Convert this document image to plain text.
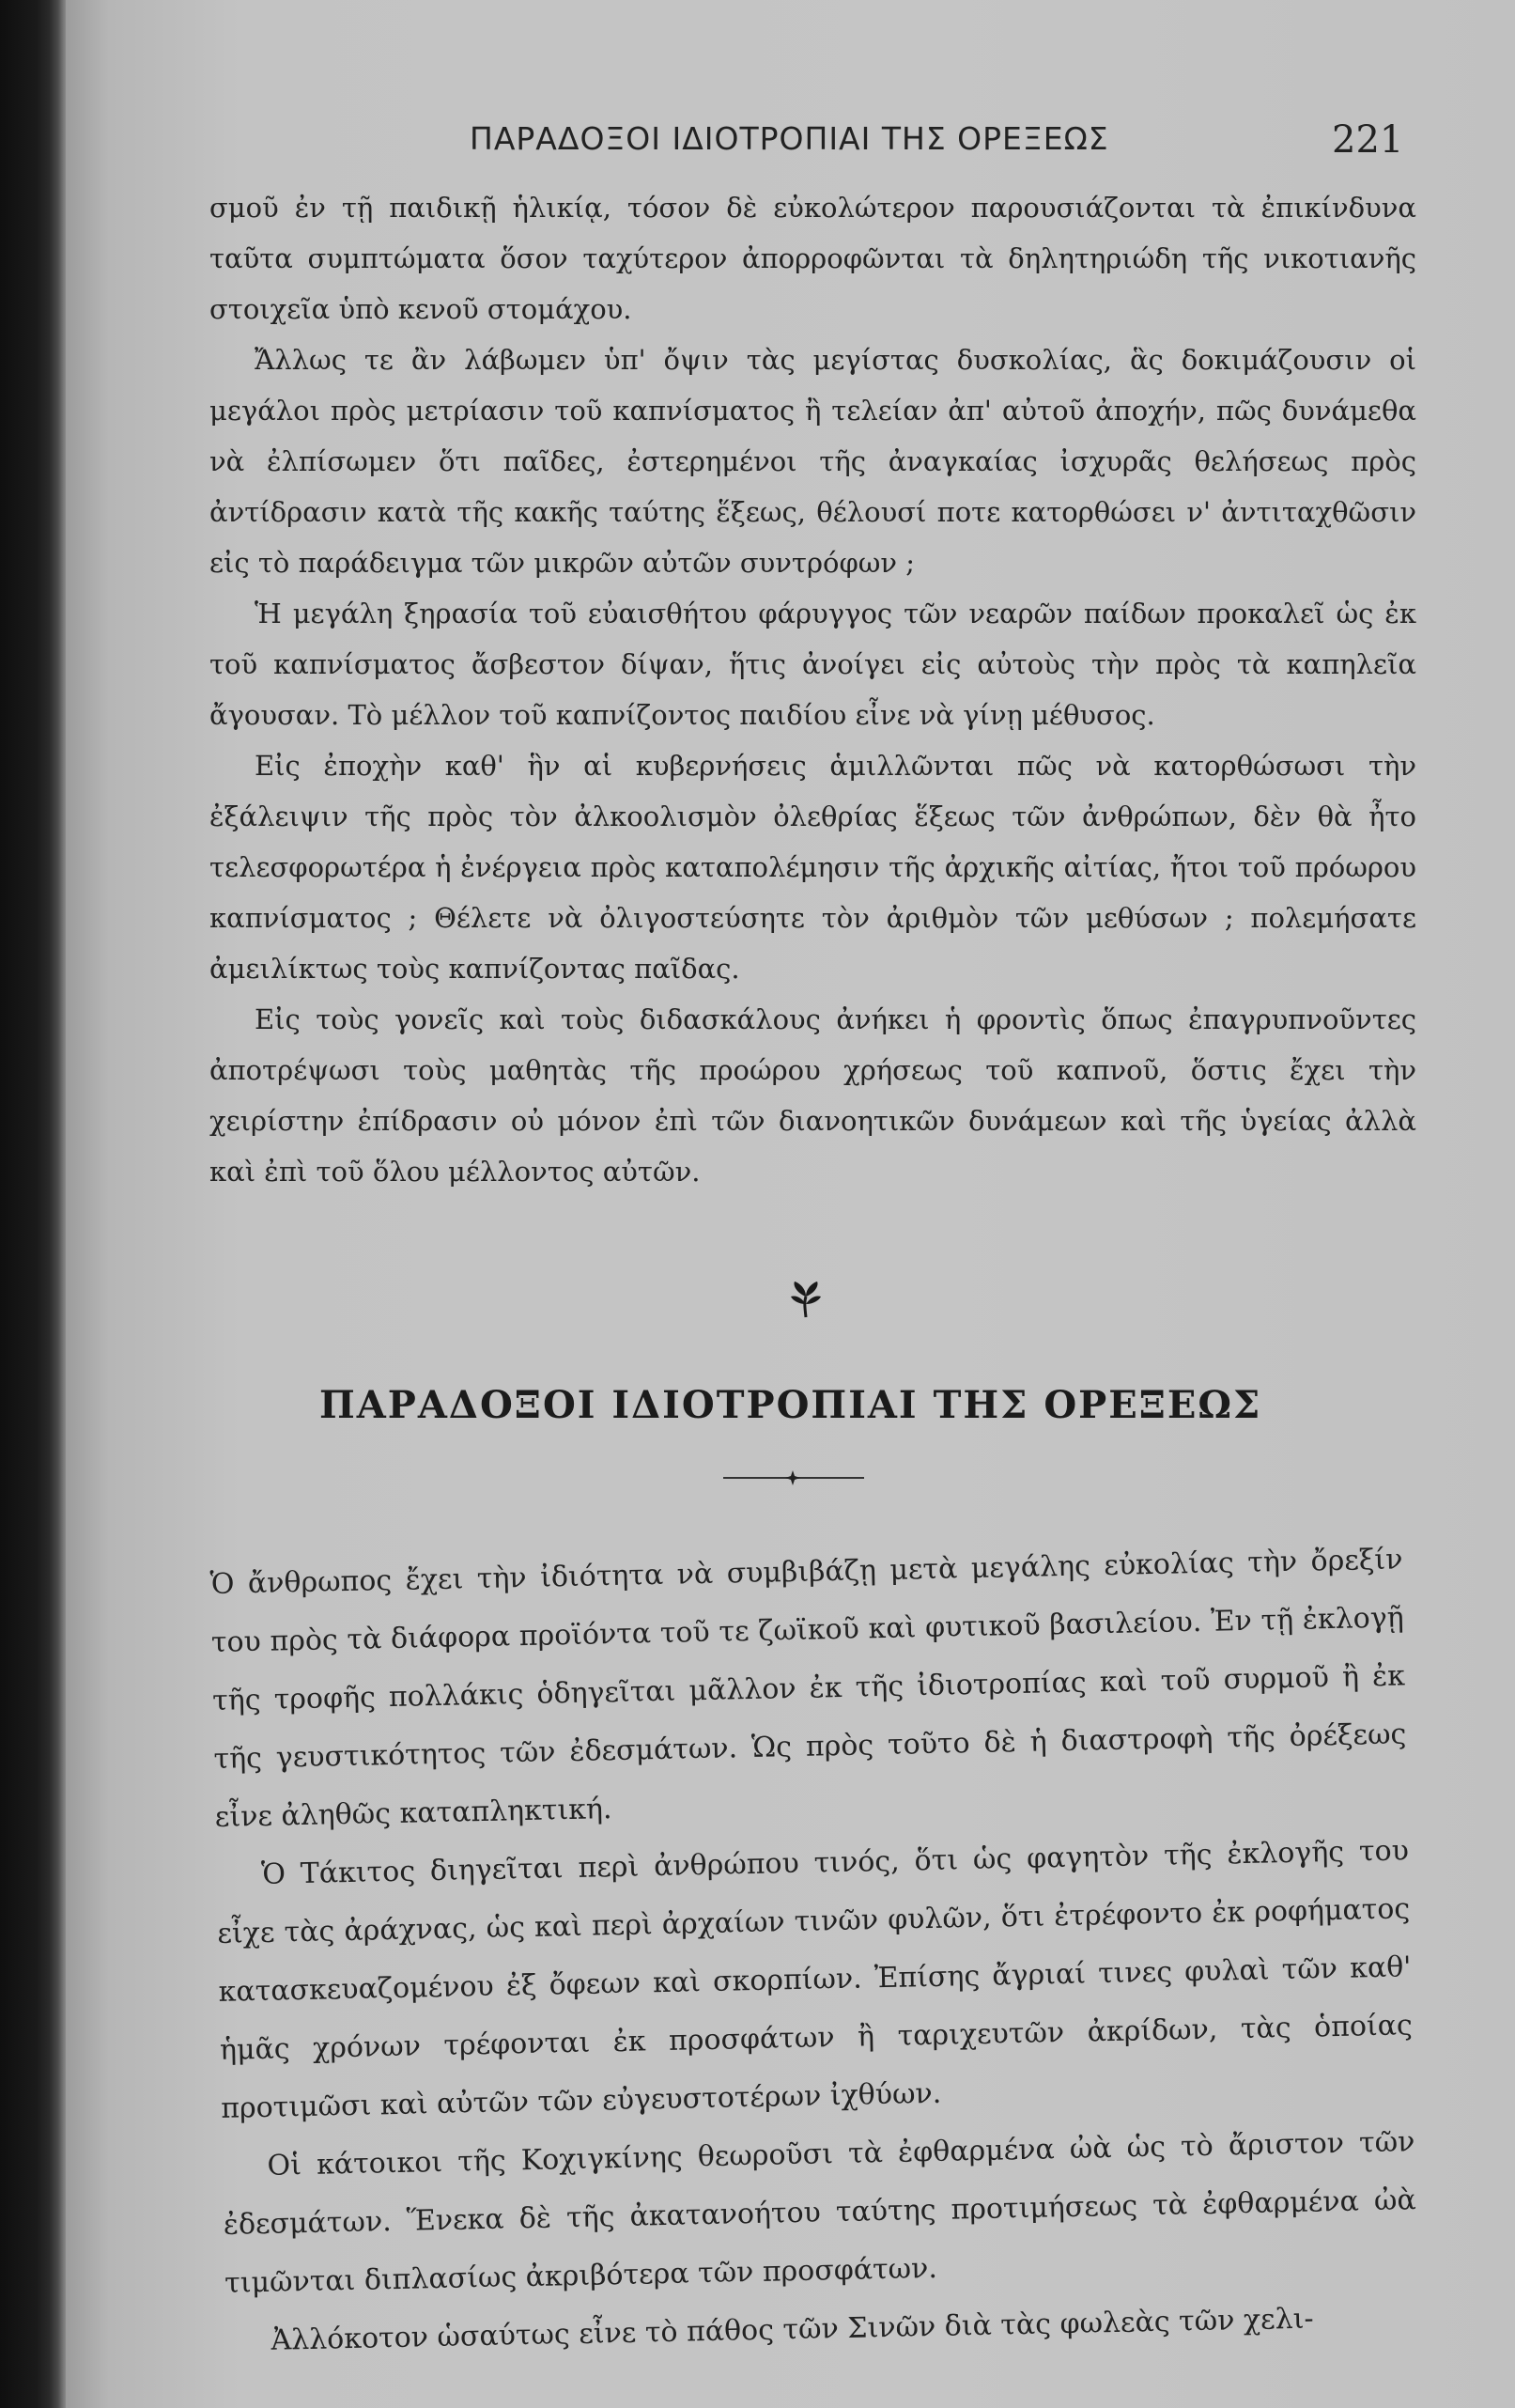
ΠΑΡΑΔΟΞΟΙ ΙΔΙΟΤΡΟΠΙΑΙ ΤΗΣ ΟΡΕΞΕΩΣ	221

σμοῦ ἐν τῇ παιδικῇ ἡλικίᾳ, τόσον δὲ εὐκολώτερον παρουσιάζονται τὰ ἐπικίνδυνα ταῦτα συμπτώματα ὅσον ταχύτερον ἀπορροφῶνται τὰ δηλητηριώδη τῆς νικοτιανῆς στοιχεῖα ὑπὸ κενοῦ στομάχου.

Ἄλλως τε ἂν λάβωμεν ὑπ' ὄψιν τὰς μεγίστας δυσκολίας, ἃς δοκιμάζουσιν οἱ μεγάλοι πρὸς μετρίασιν τοῦ καπνίσματος ἢ τελείαν ἀπ' αὐτοῦ ἀποχήν, πῶς δυνάμεθα νὰ ἐλπίσωμεν ὅτι παῖδες, ἐστερημένοι τῆς ἀναγκαίας ἰσχυρᾶς θελήσεως πρὸς ἀντίδρασιν κατὰ τῆς κακῆς ταύτης ἕξεως, θέλουσί ποτε κατορθώσει ν' ἀντιταχθῶσιν εἰς τὸ παράδειγμα τῶν μικρῶν αὐτῶν συντρόφων ;

Ἡ μεγάλη ξηρασία τοῦ εὐαισθήτου φάρυγγος τῶν νεαρῶν παίδων προκαλεῖ ὡς ἐκ τοῦ καπνίσματος ἄσβεστον δίψαν, ἥτις ἀνοίγει εἰς αὐτοὺς τὴν πρὸς τὰ καπηλεῖα ἄγουσαν. Τὸ μέλλον τοῦ καπνίζοντος παιδίου εἶνε νὰ γίνῃ μέθυσος.

Εἰς ἐποχὴν καθ' ἣν αἱ κυβερνήσεις ἁμιλλῶνται πῶς νὰ κατορθώσωσι τὴν ἐξάλειψιν τῆς πρὸς τὸν ἀλκοολισμὸν ὀλεθρίας ἕξεως τῶν ἀνθρώπων, δὲν θὰ ἦτο τελεσφορωτέρα ἡ ἐνέργεια πρὸς καταπολέμησιν τῆς ἀρχικῆς αἰτίας, ἤτοι τοῦ πρόωρου καπνίσματος ; Θέλετε νὰ ὀλιγοστεύσητε τὸν ἀριθμὸν τῶν μεθύσων ; πολεμήσατε ἀμειλίκτως τοὺς καπνίζοντας παῖδας.

Εἰς τοὺς γονεῖς καὶ τοὺς διδασκάλους ἀνήκει ἡ φροντὶς ὅπως ἐπαγρυπνοῦντες ἀποτρέψωσι τοὺς μαθητὰς τῆς προώρου χρήσεως τοῦ καπνοῦ, ὅστις ἔχει τὴν χειρίστην ἐπίδρασιν οὐ μόνον ἐπὶ τῶν διανοητικῶν δυνάμεων καὶ τῆς ὑγείας ἀλλὰ καὶ ἐπὶ τοῦ ὅλου μέλλοντος αὐτῶν.

ΠΑΡΑΔΟΞΟΙ ΙΔΙΟΤΡΟΠΙΑΙ ΤΗΣ ΟΡΕΞΕΩΣ

Ὁ ἄνθρωπος ἔχει τὴν ἰδιότητα νὰ συμβιβάζῃ μετὰ μεγάλης εὐκολίας τὴν ὄρεξίν του πρὸς τὰ διάφορα προϊόντα τοῦ τε ζωϊκοῦ καὶ φυτικοῦ βασιλείου. Ἐν τῇ ἐκλογῇ τῆς τροφῆς πολλάκις ὁδηγεῖται μᾶλλον ἐκ τῆς ἰδιοτροπίας καὶ τοῦ συρμοῦ ἢ ἐκ τῆς γευστικότητος τῶν ἐδεσμάτων. Ὡς πρὸς τοῦτο δὲ ἡ διαστροφὴ τῆς ὀρέξεως εἶνε ἀληθῶς καταπληκτική.

Ὁ Τάκιτος διηγεῖται περὶ ἀνθρώπου τινός, ὅτι ὡς φαγητὸν τῆς ἐκλογῆς του εἶχε τὰς ἀράχνας, ὡς καὶ περὶ ἀρχαίων τινῶν φυλῶν, ὅτι ἐτρέφοντο ἐκ ροφήματος κατασκευαζομένου ἐξ ὄφεων καὶ σκορπίων. Ἐπίσης ἄγριαί τινες φυλαὶ τῶν καθ' ἡμᾶς χρόνων τρέφονται ἐκ προσφάτων ἢ ταριχευτῶν ἀκρίδων, τὰς ὁποίας προτιμῶσι καὶ αὐτῶν τῶν εὐγευστοτέρων ἰχθύων.

Οἱ κάτοικοι τῆς Κοχιγκίνης θεωροῦσι τὰ ἐφθαρμένα ὠὰ ὡς τὸ ἄριστον τῶν ἐδεσμάτων. Ἕνεκα δὲ τῆς ἀκατανοήτου ταύτης προτιμήσεως τὰ ἐφθαρμένα ὠὰ τιμῶνται διπλασίως ἀκριβότερα τῶν προσφάτων.

Ἀλλόκοτον ὡσαύτως εἶνε τὸ πάθος τῶν Σινῶν διὰ τὰς φωλεὰς τῶν χελι-
